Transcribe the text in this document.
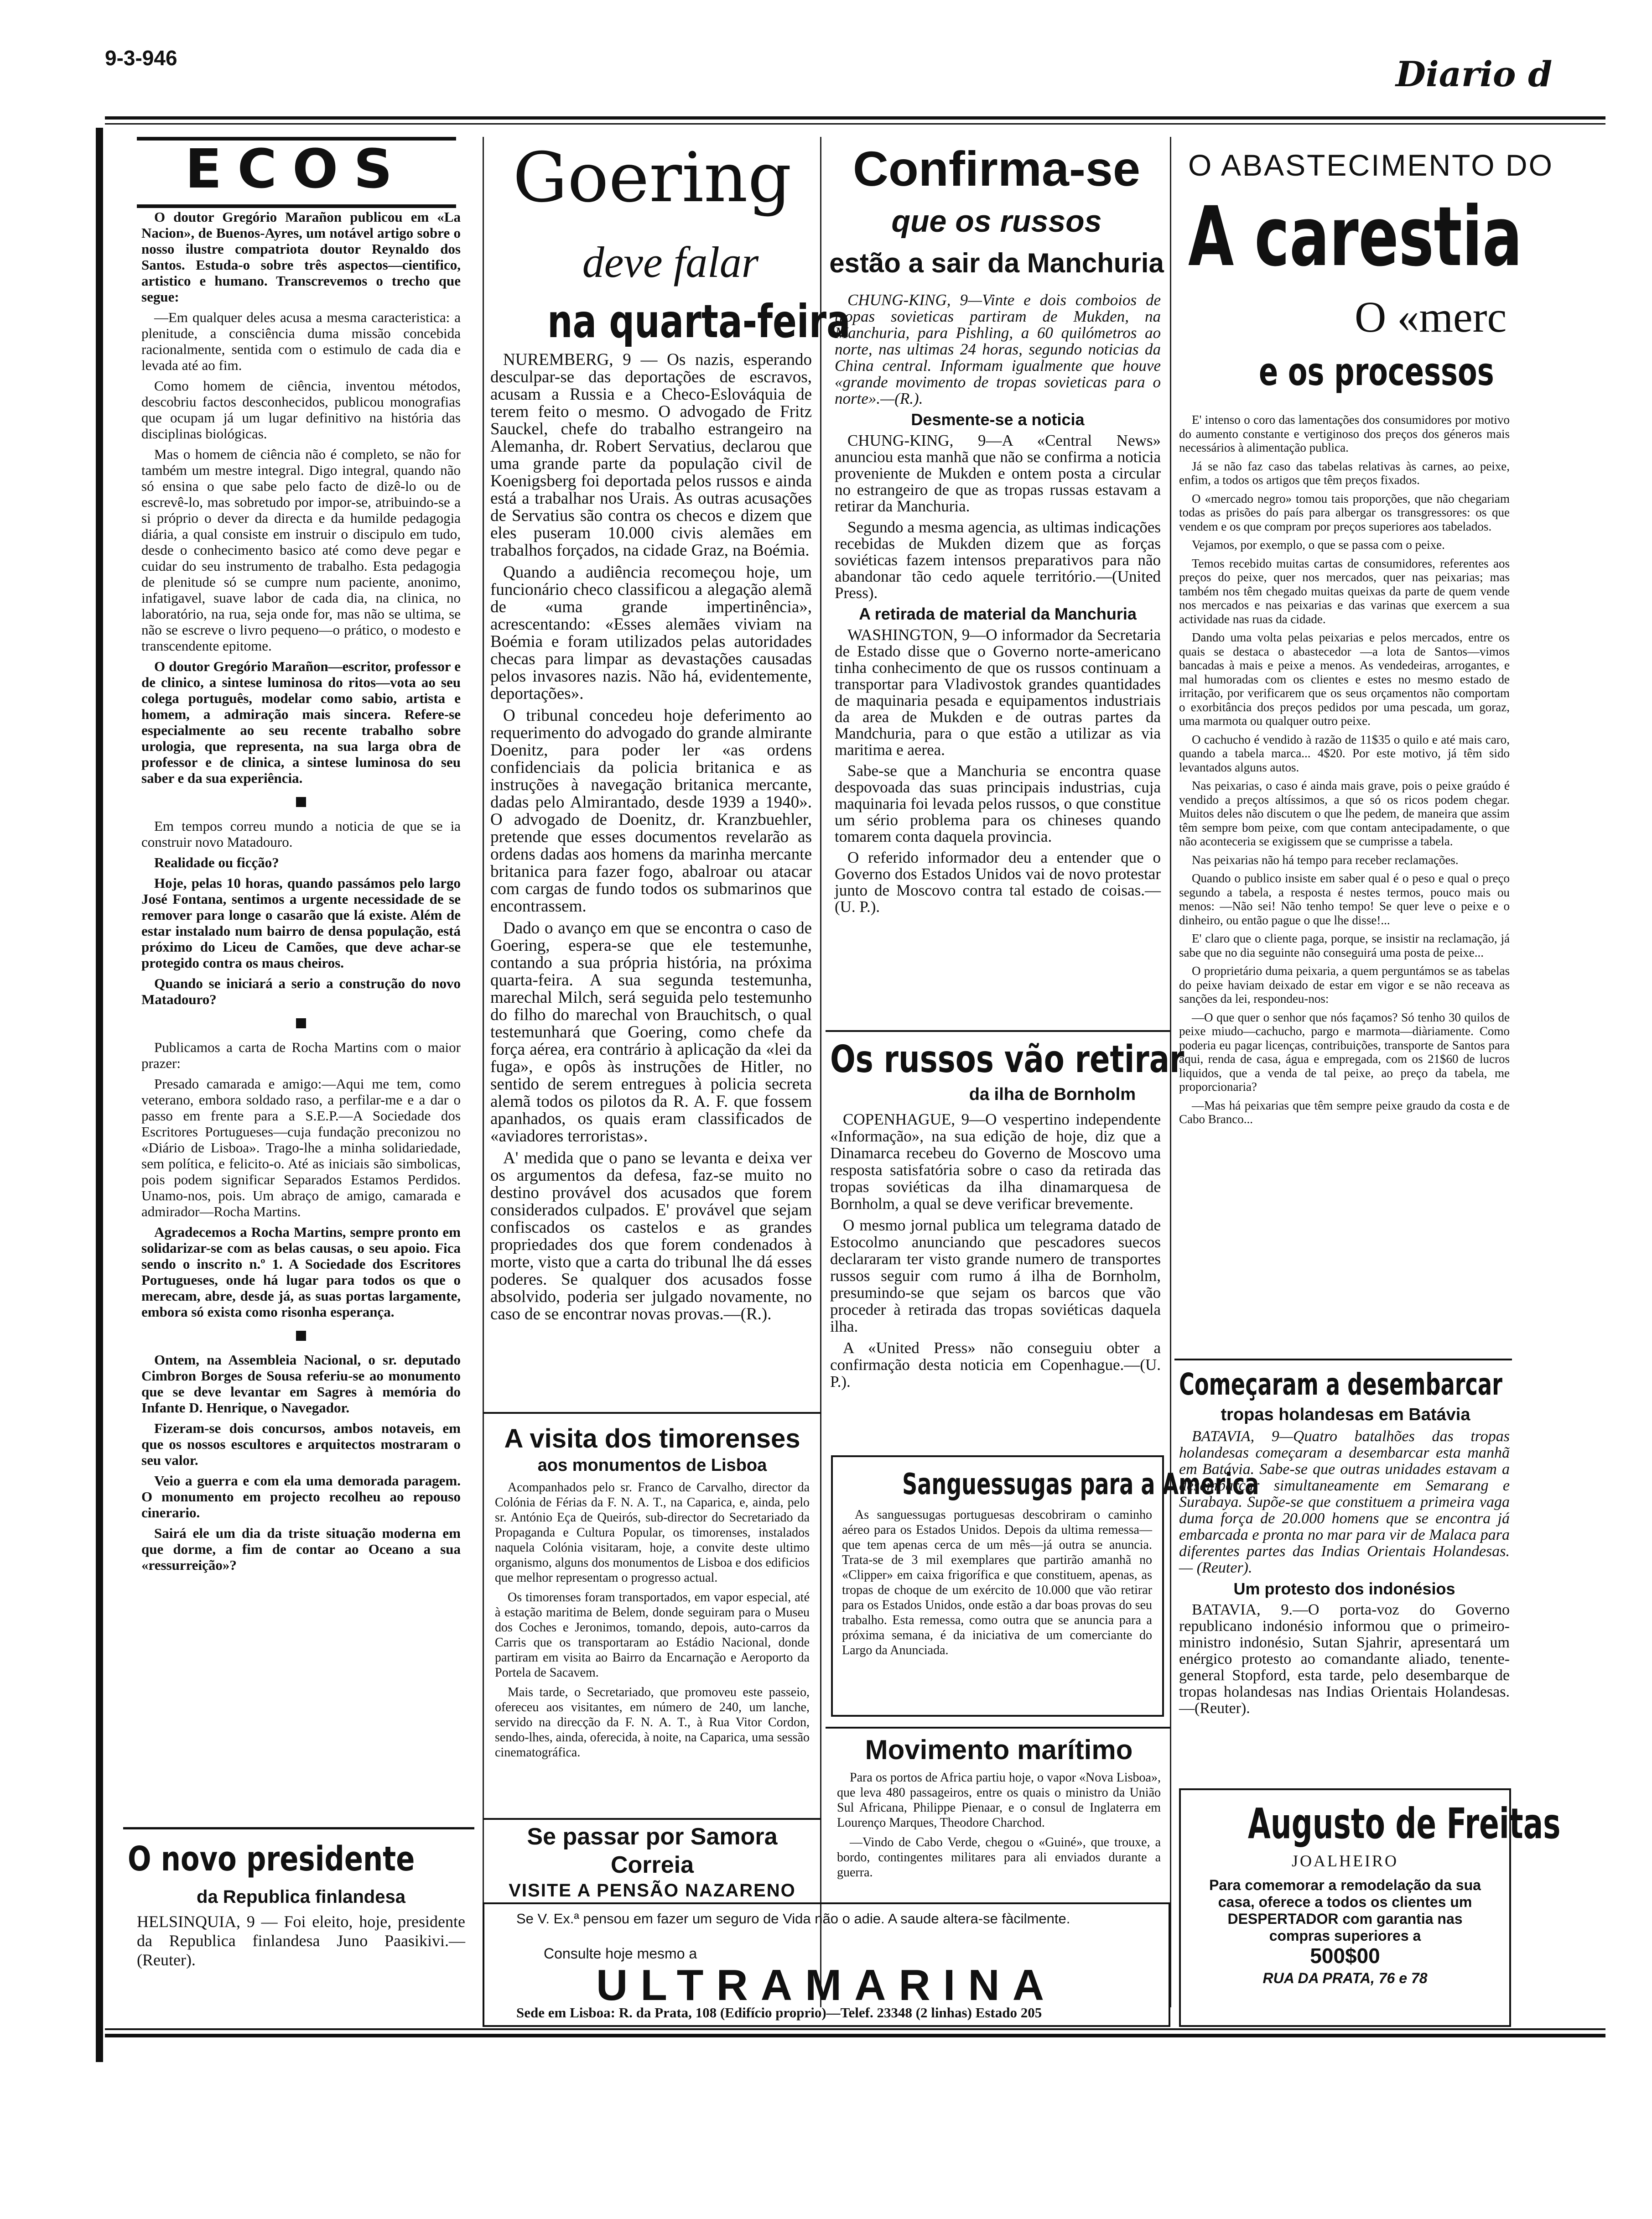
9-3-946	Diario d
ECOS

O doutor Gregório Marañon publicou em «La Nacion», de Buenos-Ayres, um notável artigo sobre o nosso ilustre compatriota doutor Reynaldo dos Santos. Estuda-o sobre três aspectos—cientifico, artistico e humano. Transcrevemos o trecho que segue:

—Em qualquer deles acusa a mesma caracteristica: a plenitude, a consciência duma missão concebida racionalmente, sentida com o estimulo de cada dia e levada até ao fim.

Como homem de ciência, inventou métodos, descobriu factos desconhecidos, publicou monografias que ocupam já um lugar definitivo na história das disciplinas biológicas.

Mas o homem de ciência não é completo, se não for também um mestre integral. Digo integral, quando não só ensina o que sabe pelo facto de dizê-lo ou de escrevê-lo, mas sobretudo por impor-se, atribuindo-se a si próprio o dever da directa e da humilde pedagogia diária, a qual consiste em instruir o discipulo em tudo, desde o conhecimento basico até como deve pegar e cuidar do seu instrumento de trabalho. Esta pedagogia de plenitude só se cumpre num paciente, anonimo, infatigavel, suave labor de cada dia, na clinica, no laboratório, na rua, seja onde for, mas não se ultima, se não se escreve o livro pequeno—o prático, o modesto e transcendente epitome.

O doutor Gregório Marañon—escritor, professor e de clinico, a sintese luminosa do ritos—vota ao seu colega português, modelar como sabio, artista e homem, a admiração mais sincera. Refere-se especialmente ao seu recente trabalho sobre urologia, que representa, na sua larga obra de professor e de clinica, a sintese luminosa do seu saber e da sua experiência.

Em tempos correu mundo a noticia de que se ia construir novo Matadouro.

Realidade ou ficção?

Hoje, pelas 10 horas, quando passámos pelo largo José Fontana, sentimos a urgente necessidade de se remover para longe o casarão que lá existe. Além de estar instalado num bairro de densa população, está próximo do Liceu de Camões, que deve achar-se protegido contra os maus cheiros.

Quando se iniciará a serio a construção do novo Matadouro?

Publicamos a carta de Rocha Martins com o maior prazer:

Presado camarada e amigo:—Aqui me tem, como veterano, embora soldado raso, a perfilar-me e a dar o passo em frente para a S.E.P.—A Sociedade dos Escritores Portugueses—cuja fundação preconizou no «Diário de Lisboa». Trago-lhe a minha solidariedade, sem política, e felicito-o. Até as iniciais são simbolicas, pois podem significar Separados Estamos Perdidos. Unamo-nos, pois. Um abraço de amigo, camarada e admirador—Rocha Martins.

Agradecemos a Rocha Martins, sempre pronto em solidarizar-se com as belas causas, o seu apoio. Fica sendo o inscrito n.º 1. A Sociedade dos Escritores Portugueses, onde há lugar para todos os que o merecam, abre, desde já, as suas portas largamente, embora só exista como risonha esperança.

Ontem, na Assembleia Nacional, o sr. deputado Cimbron Borges de Sousa referiu-se ao monumento que se deve levantar em Sagres à memória do Infante D. Henrique, o Navegador.

Fizeram-se dois concursos, ambos notaveis, em que os nossos escultores e arquitectos mostraram o seu valor.

Veio a guerra e com ela uma demorada paragem. O monumento em projecto recolheu ao repouso cinerario.

Sairá ele um dia da triste situação moderna em que dorme, a fim de contar ao Oceano a sua «ressurreição»?

O novo presidente
da Republica finlandesa
HELSINQUIA, 9 — Foi eleito, hoje, presidente da Republica finlandesa Juno Paasikivi.—(Reuter).
Goering
deve falar
na quarta-feira

NUREMBERG, 9 — Os nazis, esperando desculpar-se das deportações de escravos, acusam a Russia e a Checo-Eslováquia de terem feito o mesmo. O advogado de Fritz Sauckel, chefe do trabalho estrangeiro na Alemanha, dr. Robert Servatius, declarou que uma grande parte da população civil de Koenigsberg foi deportada pelos russos e ainda está a trabalhar nos Urais. As outras acusações de Servatius são contra os checos e dizem que eles puseram 10.000 civis alemães em trabalhos forçados, na cidade Graz, na Boémia.

Quando a audiência recomeçou hoje, um funcionário checo classificou a alegação alemã de «uma grande impertinência», acrescentando: «Esses alemães viviam na Boémia e foram utilizados pelas autoridades checas para limpar as devastações causadas pelos invasores nazis. Não há, evidentemente, deportações».

O tribunal concedeu hoje deferimento ao requerimento do advogado do grande almirante Doenitz, para poder ler «as ordens confidenciais da policia britanica e as instruções à navegação britanica mercante, dadas pelo Almirantado, desde 1939 a 1940». O advogado de Doenitz, dr. Kranzbuehler, pretende que esses documentos revelarão as ordens dadas aos homens da marinha mercante britanica para fazer fogo, abalroar ou atacar com cargas de fundo todos os submarinos que encontrassem.

Dado o avanço em que se encontra o caso de Goering, espera-se que ele testemunhe, contando a sua própria história, na próxima quarta-feira. A sua segunda testemunha, marechal Milch, será seguida pelo testemunho do filho do marechal von Brauchitsch, o qual testemunhará que Goering, como chefe da força aérea, era contrário à aplicação da «lei da fuga», e opôs às instruções de Hitler, no sentido de serem entregues à policia secreta alemã todos os pilotos da R. A. F. que fossem apanhados, os quais eram classificados de «aviadores terroristas».

A' medida que o pano se levanta e deixa ver os argumentos da defesa, faz-se muito no destino provável dos acusados que forem considerados culpados. E' provável que sejam confiscados os castelos e as grandes propriedades dos que forem condenados à morte, visto que a carta do tribunal lhe dá esses poderes. Se qualquer dos acusados fosse absolvido, poderia ser julgado novamente, no caso de se encontrar novas provas.—(R.).

A visita dos timorenses
aos monumentos de Lisboa

Acompanhados pelo sr. Franco de Carvalho, director da Colónia de Férias da F. N. A. T., na Caparica, e, ainda, pelo sr. António Eça de Queirós, sub-director do Secretariado da Propaganda e Cultura Popular, os timorenses, instalados naquela Colónia visitaram, hoje, a convite deste ultimo organismo, alguns dos monumentos de Lisboa e dos edificios que melhor representam o progresso actual.

Os timorenses foram transportados, em vapor especial, até à estação maritima de Belem, donde seguiram para o Museu dos Coches e Jeronimos, tomando, depois, auto-carros da Carris que os transportaram ao Estádio Nacional, donde partiram em visita ao Bairro da Encarnação e Aeroporto da Portela de Sacavem.

Mais tarde, o Secretariado, que promoveu este passeio, ofereceu aos visitantes, em número de 240, um lanche, servido na direcção da F. N. A. T., à Rua Vitor Cordon, sendo-lhes, ainda, oferecida, à noite, na Caparica, uma sessão cinematográfica.

Se passar por Samora Correia
VISITE A PENSÃO NAZARENO
Confirma-se
que os russos
estão a sair da Manchuria

CHUNG-KING, 9—Vinte e dois comboios de tropas sovieticas partiram de Mukden, na Manchuria, para Pishling, a 60 quilómetros ao norte, nas ultimas 24 horas, segundo noticias da China central. Informam igualmente que houve «grande movimento de tropas sovieticas para o norte».—(R.).

Desmente-se a noticia

CHUNG-KING, 9—A «Central News» anunciou esta manhã que não se confirma a noticia proveniente de Mukden e ontem posta a circular no estrangeiro de que as tropas russas estavam a retirar da Manchuria.

Segundo a mesma agencia, as ultimas indicações recebidas de Mukden dizem que as forças soviéticas fazem intensos preparativos para não abandonar tão cedo aquele território.—(United Press).

A retirada de material da Manchuria

WASHINGTON, 9—O informador da Secretaria de Estado disse que o Governo norte-americano tinha conhecimento de que os russos continuam a transportar para Vladivostok grandes quantidades de maquinaria pesada e equipamentos industriais da area de Mukden e de outras partes da Mandchuria, para o que estão a utilizar as via maritima e aerea.

Sabe-se que a Manchuria se encontra quase despovoada das suas principais industrias, cuja maquinaria foi levada pelos russos, o que constitue um sério problema para os chineses quando tomarem conta daquela provincia.

O referido informador deu a entender que o Governo dos Estados Unidos vai de novo protestar junto de Moscovo contra tal estado de coisas.—(U. P.).

Os russos vão retirar
da ilha de Bornholm

COPENHAGUE, 9—O vespertino independente «Informação», na sua edição de hoje, diz que a Dinamarca recebeu do Governo de Moscovo uma resposta satisfatória sobre o caso da retirada das tropas soviéticas da ilha dinamarquesa de Bornholm, a qual se deve verificar brevemente.

O mesmo jornal publica um telegrama datado de Estocolmo anunciando que pescadores suecos declararam ter visto grande numero de transportes russos seguir com rumo á ilha de Bornholm, presumindo-se que sejam os barcos que vão proceder à retirada das tropas soviéticas daquela ilha.

A «United Press» não conseguiu obter a confirmação desta noticia em Copenhague.—(U. P.).

Sanguessugas para a America
As sanguessugas portuguesas descobriram o caminho aéreo para os Estados Unidos. Depois da ultima remessa—que tem apenas cerca de um mês—já outra se anuncia. Trata-se de 3 mil exemplares que partirão amanhã no «Clipper» em caixa frigorífica e que constituem, apenas, as tropas de choque de um exército de 10.000 que vão retirar para os Estados Unidos, onde estão a dar boas provas do seu trabalho. Esta remessa, como outra que se anuncia para a próxima semana, é da iniciativa de um comerciante do Largo da Anunciada.
Movimento marítimo

Para os portos de Africa partiu hoje, o vapor «Nova Lisboa», que leva 480 passageiros, entre os quais o ministro da União Sul Africana, Philippe Pienaar, e o consul de Inglaterra em Lourenço Marques, Theodore Charchod.

—Vindo de Cabo Verde, chegou o «Guiné», que trouxe, a bordo, contingentes militares para ali enviados durante a guerra.

Se V. Ex.ª pensou em fazer um seguro de Vida não o adie. A saude altera-se fàcilmente.
Consulte hoje mesmo a
ULTRAMARINA
Sede em Lisboa: R. da Prata, 108 (Edifício proprio)—Telef. 23348 (2 linhas) Estado 205
O ABASTECIMENTO DO
A carestia
O «merc
e os processos

E' intenso o coro das lamentações dos consumidores por motivo do aumento constante e vertiginoso dos preços dos géneros mais necessários à alimentação publica.

Já se não faz caso das tabelas relativas às carnes, ao peixe, enfim, a todos os artigos que têm preços fixados.

O «mercado negro» tomou tais proporções, que não chegariam todas as prisões do país para albergar os transgressores: os que vendem e os que compram por preços superiores aos tabelados.

Vejamos, por exemplo, o que se passa com o peixe.

Temos recebido muitas cartas de consumidores, referentes aos preços do peixe, quer nos mercados, quer nas peixarias; mas também nos têm chegado muitas queixas da parte de quem vende nos mercados e nas peixarias e das varinas que exercem a sua actividade nas ruas da cidade.

Dando uma volta pelas peixarias e pelos mercados, entre os quais se destaca o abastecedor —a lota de Santos—vimos bancadas à mais e peixe a menos. As vendedeiras, arrogantes, e mal humoradas com os clientes e estes no mesmo estado de irritação, por verificarem que os seus orçamentos não comportam o exorbitância dos preços pedidos por uma pescada, um goraz, uma marmota ou qualquer outro peixe.

O cachucho é vendido à razão de 11$35 o quilo e até mais caro, quando a tabela marca... 4$20. Por este motivo, já têm sido levantados alguns autos.

Nas peixarias, o caso é ainda mais grave, pois o peixe graúdo é vendido a preços altíssimos, a que só os ricos podem chegar. Muitos deles não discutem o que lhe pedem, de maneira que assim têm sempre bom peixe, com que contam antecipadamente, o que não aconteceria se exigissem que se cumprisse a tabela.

Nas peixarias não há tempo para receber reclamações.

Quando o publico insiste em saber qual é o peso e qual o preço segundo a tabela, a resposta é nestes termos, pouco mais ou menos: —Não sei! Não tenho tempo! Se quer leve o peixe e o dinheiro, ou então pague o que lhe disse!...

E' claro que o cliente paga, porque, se insistir na reclamação, já sabe que no dia seguinte não conseguirá uma posta de peixe...

O proprietário duma peixaria, a quem perguntámos se as tabelas do peixe haviam deixado de estar em vigor e se não receava as sanções da lei, respondeu-nos:

—O que quer o senhor que nós façamos? Só tenho 30 quilos de peixe miudo—cachucho, pargo e marmota—diàriamente. Como poderia eu pagar licenças, contribuições, transporte de Santos para aqui, renda de casa, água e empregada, com os 21$60 de lucros liquidos, que a venda de tal peixe, ao preço da tabela, me proporcionaria?

—Mas há peixarias que têm sempre peixe graudo da costa e de Cabo Branco...

Começaram a desembarcar
tropas holandesas em Batávia

BATAVIA, 9—Quatro batalhões das tropas holandesas começaram a desembarcar esta manhã em Batávia. Sabe-se que outras unidades estavam a desembarcar simultaneamente em Semarang e Surabaya. Supõe-se que constituem a primeira vaga duma força de 20.000 homens que se encontra já embarcada e pronta no mar para vir de Malaca para diferentes partes das Indias Orientais Holandesas. — (Reuter).

Um protesto dos indonésios

BATAVIA, 9.—O porta-voz do Governo republicano indonésio informou que o primeiro-ministro indonésio, Sutan Sjahrir, apresentará um enérgico protesto ao comandante aliado, tenente-general Stopford, esta tarde, pelo desembarque de tropas holandesas nas Indias Orientais Holandesas.—(Reuter).

Augusto de Freitas
JOALHEIRO
Para comemorar a remodelação da sua casa, oferece a todos os clientes um DESPERTADOR com garantia nas compras superiores a
500$00
RUA DA PRATA, 76 e 78
